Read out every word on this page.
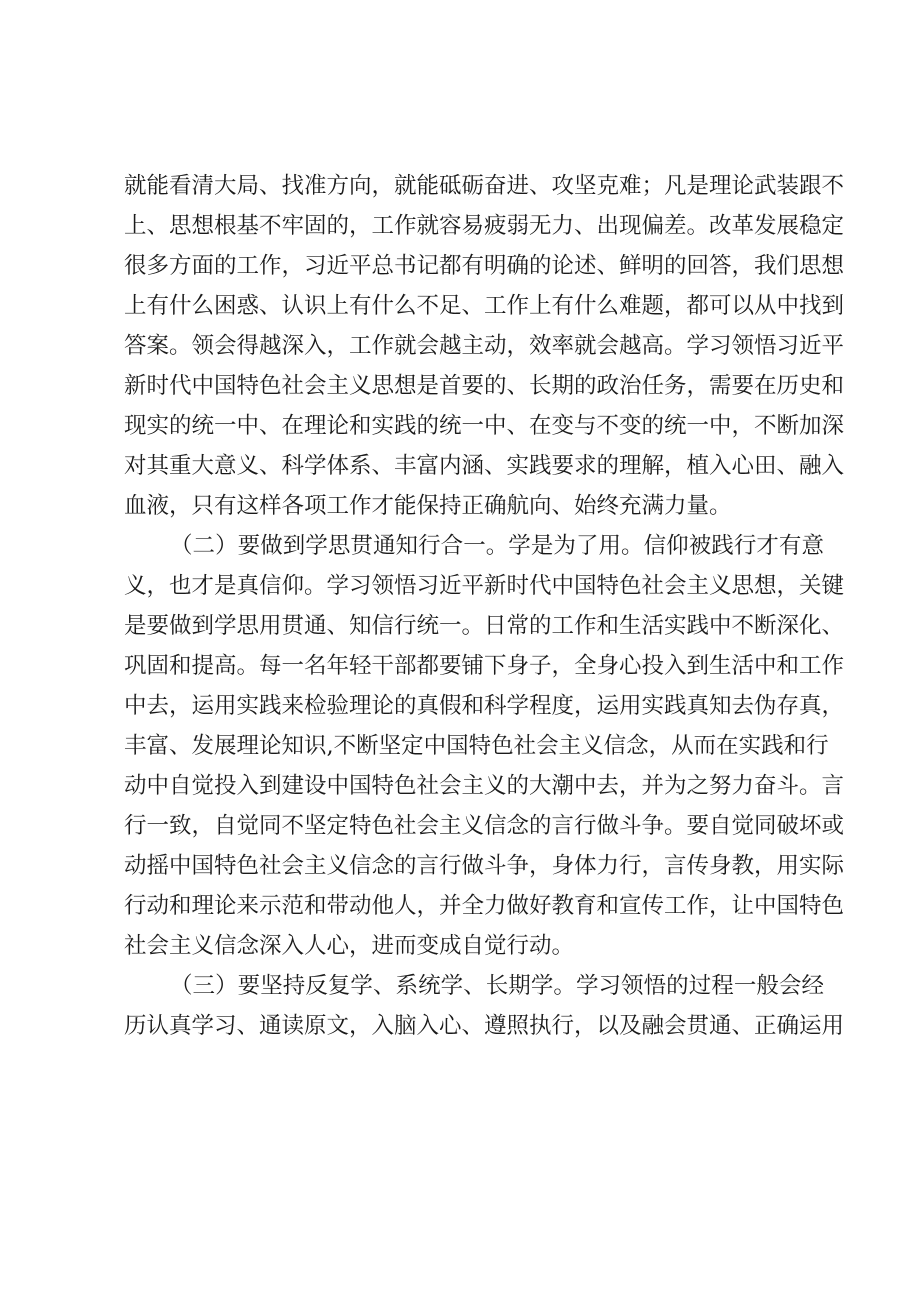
就能看清大局、找准方向，就能砥砺奋进、攻坚克难；凡是理论武装跟不
上、思想根基不牢固的，工作就容易疲弱无力、出现偏差。改革发展稳定
很多方面的工作，习近平总书记都有明确的论述、鲜明的回答，我们思想
上有什么困惑、认识上有什么不足、工作上有什么难题，都可以从中找到
答案。领会得越深入，工作就会越主动，效率就会越高。学习领悟习近平
新时代中国特色社会主义思想是首要的、长期的政治任务，需要在历史和
现实的统一中、在理论和实践的统一中、在变与不变的统一中，不断加深
对其重大意义、科学体系、丰富内涵、实践要求的理解，植入心田、融入
血液，只有这样各项工作才能保持正确航向、始终充满力量。
（二）要做到学思贯通知行合一。学是为了用。信仰被践行才有意
义，也才是真信仰。学习领悟习近平新时代中国特色社会主义思想，关键
是要做到学思用贯通、知信行统一。日常的工作和生活实践中不断深化、
巩固和提高。每一名年轻干部都要铺下身子，全身心投入到生活中和工作
中去，运用实践来检验理论的真假和科学程度，运用实践真知去伪存真，
丰富、发展理论知识,不断坚定中国特色社会主义信念，从而在实践和行
动中自觉投入到建设中国特色社会主义的大潮中去，并为之努力奋斗。言
行一致，自觉同不坚定特色社会主义信念的言行做斗争。要自觉同破坏或
动摇中国特色社会主义信念的言行做斗争，身体力行，言传身教，用实际
行动和理论来示范和带动他人，并全力做好教育和宣传工作，让中国特色
社会主义信念深入人心，进而变成自觉行动。
（三）要坚持反复学、系统学、长期学。学习领悟的过程一般会经
历认真学习、通读原文，入脑入心、遵照执行，以及融会贯通、正确运用
